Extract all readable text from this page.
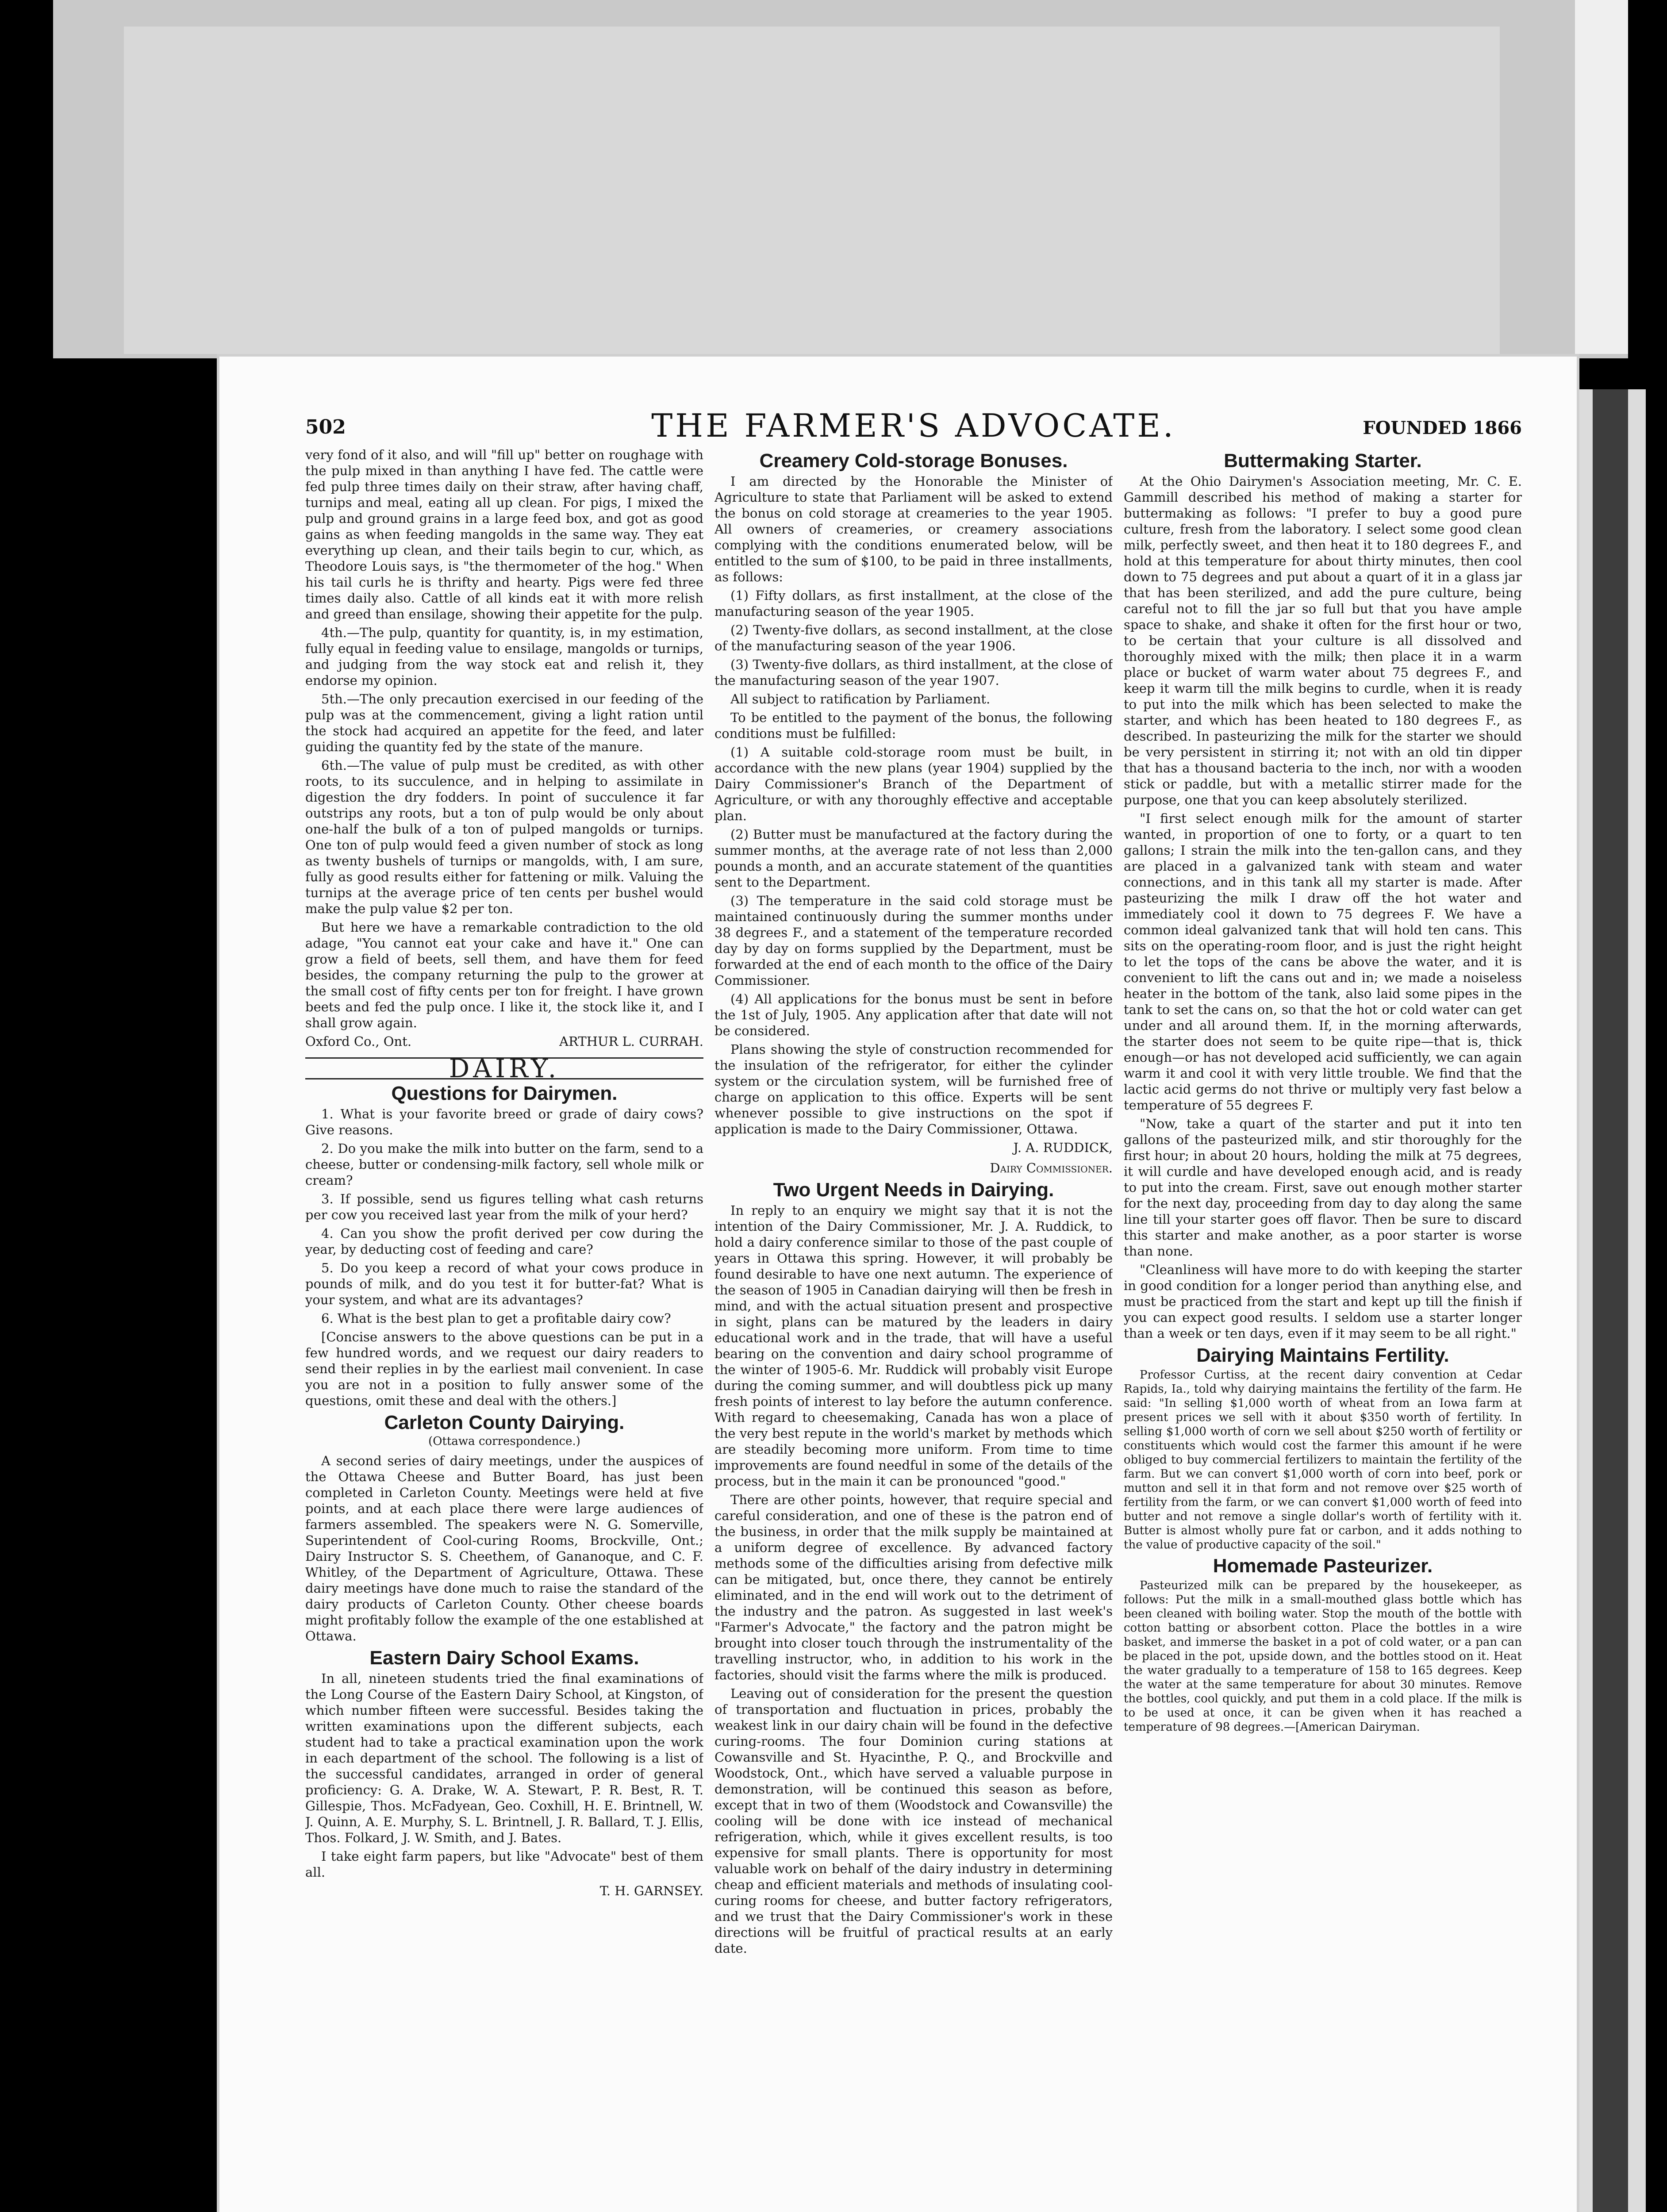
502	THE FARMER'S ADVOCATE.	FOUNDED 1866

very fond of it also, and will "fill up" better on roughage with the pulp mixed in than anything I have fed. The cattle were fed pulp three times daily on their straw, after having chaff, turnips and meal, eating all up clean. For pigs, I mixed the pulp and ground grains in a large feed box, and got as good gains as when feeding mangolds in the same way. They eat everything up clean, and their tails begin to cur, which, as Theodore Louis says, is "the thermometer of the hog." When his tail curls he is thrifty and hearty. Pigs were fed three times daily also. Cattle of all kinds eat it with more relish and greed than ensilage, showing their appetite for the pulp.

4th.—The pulp, quantity for quantity, is, in my estimation, fully equal in feeding value to ensilage, mangolds or turnips, and judging from the way stock eat and relish it, they endorse my opinion.

5th.—The only precaution exercised in our feeding of the pulp was at the commencement, giving a light ration until the stock had acquired an appetite for the feed, and later guiding the quantity fed by the state of the manure.

6th.—The value of pulp must be credited, as with other roots, to its succulence, and in helping to assimilate in digestion the dry fodders. In point of succulence it far outstrips any roots, but a ton of pulp would be only about one-half the bulk of a ton of pulped mangolds or turnips. One ton of pulp would feed a given number of stock as long as twenty bushels of turnips or mangolds, with, I am sure, fully as good results either for fattening or milk. Valuing the turnips at the average price of ten cents per bushel would make the pulp value $2 per ton.

But here we have a remarkable contradiction to the old adage, "You cannot eat your cake and have it." One can grow a field of beets, sell them, and have them for feed besides, the company returning the pulp to the grower at the small cost of fifty cents per ton for freight. I have grown beets and fed the pulp once. I like it, the stock like it, and I shall grow again.

Oxford Co., Ont.	ARTHUR L. CURRAH.
DAIRY.
Questions for Dairymen.

1. What is your favorite breed or grade of dairy cows? Give reasons.

2. Do you make the milk into butter on the farm, send to a cheese, butter or condensing-milk factory, sell whole milk or cream?

3. If possible, send us figures telling what cash returns per cow you received last year from the milk of your herd?

4. Can you show the profit derived per cow during the year, by deducting cost of feeding and care?

5. Do you keep a record of what your cows produce in pounds of milk, and do you test it for butter-fat? What is your system, and what are its advantages?

6. What is the best plan to get a profitable dairy cow?

[Concise answers to the above questions can be put in a few hundred words, and we request our dairy readers to send their replies in by the earliest mail convenient. In case you are not in a position to fully answer some of the questions, omit these and deal with the others.]

Carleton County Dairying.
(Ottawa correspondence.)

A second series of dairy meetings, under the auspices of the Ottawa Cheese and Butter Board, has just been completed in Carleton County. Meetings were held at five points, and at each place there were large audiences of farmers assembled. The speakers were N. G. Somerville, Superintendent of Cool-curing Rooms, Brockville, Ont.; Dairy Instructor S. S. Cheethem, of Gananoque, and C. F. Whitley, of the Department of Agriculture, Ottawa. These dairy meetings have done much to raise the standard of the dairy products of Carleton County. Other cheese boards might profitably follow the example of the one established at Ottawa.

Eastern Dairy School Exams.

In all, nineteen students tried the final examinations of the Long Course of the Eastern Dairy School, at Kingston, of which number fifteen were successful. Besides taking the written examinations upon the different subjects, each student had to take a practical examination upon the work in each department of the school. The following is a list of the successful candidates, arranged in order of general proficiency: G. A. Drake, W. A. Stewart, P. R. Best, R. T. Gillespie, Thos. McFadyean, Geo. Coxhill, H. E. Brintnell, W. J. Quinn, A. E. Murphy, S. L. Brintnell, J. R. Ballard, T. J. Ellis, Thos. Folkard, J. W. Smith, and J. Bates.

I take eight farm papers, but like "Advocate" best of them all.

T. H. GARNSEY.
Creamery Cold-storage Bonuses.

I am directed by the Honorable the Minister of Agriculture to state that Parliament will be asked to extend the bonus on cold storage at creameries to the year 1905. All owners of creameries, or creamery associations complying with the conditions enumerated below, will be entitled to the sum of $100, to be paid in three installments, as follows:

(1) Fifty dollars, as first installment, at the close of the manufacturing season of the year 1905.

(2) Twenty-five dollars, as second installment, at the close of the manufacturing season of the year 1906.

(3) Twenty-five dollars, as third installment, at the close of the manufacturing season of the year 1907.

All subject to ratification by Parliament.

To be entitled to the payment of the bonus, the following conditions must be fulfilled:

(1) A suitable cold-storage room must be built, in accordance with the new plans (year 1904) supplied by the Dairy Commissioner's Branch of the Department of Agriculture, or with any thoroughly effective and acceptable plan.

(2) Butter must be manufactured at the factory during the summer months, at the average rate of not less than 2,000 pounds a month, and an accurate statement of the quantities sent to the Department.

(3) The temperature in the said cold storage must be maintained continuously during the summer months under 38 degrees F., and a statement of the temperature recorded day by day on forms supplied by the Department, must be forwarded at the end of each month to the office of the Dairy Commissioner.

(4) All applications for the bonus must be sent in before the 1st of July, 1905. Any application after that date will not be considered.

Plans showing the style of construction recommended for the insulation of the refrigerator, for either the cylinder system or the circulation system, will be furnished free of charge on application to this office. Experts will be sent whenever possible to give instructions on the spot if application is made to the Dairy Commissioner, Ottawa.

J. A. RUDDICK,
Dairy Commissioner.
Two Urgent Needs in Dairying.

In reply to an enquiry we might say that it is not the intention of the Dairy Commissioner, Mr. J. A. Ruddick, to hold a dairy conference similar to those of the past couple of years in Ottawa this spring. However, it will probably be found desirable to have one next autumn. The experience of the season of 1905 in Canadian dairying will then be fresh in mind, and with the actual situation present and prospective in sight, plans can be matured by the leaders in dairy educational work and in the trade, that will have a useful bearing on the convention and dairy school programme of the winter of 1905-6. Mr. Ruddick will probably visit Europe during the coming summer, and will doubtless pick up many fresh points of interest to lay before the autumn conference. With regard to cheesemaking, Canada has won a place of the very best repute in the world's market by methods which are steadily becoming more uniform. From time to time improvements are found needful in some of the details of the process, but in the main it can be pronounced "good."

There are other points, however, that require special and careful consideration, and one of these is the patron end of the business, in order that the milk supply be maintained at a uniform degree of excellence. By advanced factory methods some of the difficulties arising from defective milk can be mitigated, but, once there, they cannot be entirely eliminated, and in the end will work out to the detriment of the industry and the patron. As suggested in last week's "Farmer's Advocate," the factory and the patron might be brought into closer touch through the instrumentality of the travelling instructor, who, in addition to his work in the factories, should visit the farms where the milk is produced.

Leaving out of consideration for the present the question of transportation and fluctuation in prices, probably the weakest link in our dairy chain will be found in the defective curing-rooms. The four Dominion curing stations at Cowansville and St. Hyacinthe, P. Q., and Brockville and Woodstock, Ont., which have served a valuable purpose in demonstration, will be continued this season as before, except that in two of them (Woodstock and Cowansville) the cooling will be done with ice instead of mechanical refrigeration, which, while it gives excellent results, is too expensive for small plants. There is opportunity for most valuable work on behalf of the dairy industry in determining cheap and efficient materials and methods of insulating cool-curing rooms for cheese, and butter factory refrigerators, and we trust that the Dairy Commissioner's work in these directions will be fruitful of practical results at an early date.

Buttermaking Starter.

At the Ohio Dairymen's Association meeting, Mr. C. E. Gammill described his method of making a starter for buttermaking as follows: "I prefer to buy a good pure culture, fresh from the laboratory. I select some good clean milk, perfectly sweet, and then heat it to 180 degrees F., and hold at this temperature for about thirty minutes, then cool down to 75 degrees and put about a quart of it in a glass jar that has been sterilized, and add the pure culture, being careful not to fill the jar so full but that you have ample space to shake, and shake it often for the first hour or two, to be certain that your culture is all dissolved and thoroughly mixed with the milk; then place it in a warm place or bucket of warm water about 75 degrees F., and keep it warm till the milk begins to curdle, when it is ready to put into the milk which has been selected to make the starter, and which has been heated to 180 degrees F., as described. In pasteurizing the milk for the starter we should be very persistent in stirring it; not with an old tin dipper that has a thousand bacteria to the inch, nor with a wooden stick or paddle, but with a metallic stirrer made for the purpose, one that you can keep absolutely sterilized.

"I first select enough milk for the amount of starter wanted, in proportion of one to forty, or a quart to ten gallons; I strain the milk into the ten-gallon cans, and they are placed in a galvanized tank with steam and water connections, and in this tank all my starter is made. After pasteurizing the milk I draw off the hot water and immediately cool it down to 75 degrees F. We have a common ideal galvanized tank that will hold ten cans. This sits on the operating-room floor, and is just the right height to let the tops of the cans be above the water, and it is convenient to lift the cans out and in; we made a noiseless heater in the bottom of the tank, also laid some pipes in the tank to set the cans on, so that the hot or cold water can get under and all around them. If, in the morning afterwards, the starter does not seem to be quite ripe—that is, thick enough—or has not developed acid sufficiently, we can again warm it and cool it with very little trouble. We find that the lactic acid germs do not thrive or multiply very fast below a temperature of 55 degrees F.

"Now, take a quart of the starter and put it into ten gallons of the pasteurized milk, and stir thoroughly for the first hour; in about 20 hours, holding the milk at 75 degrees, it will curdle and have developed enough acid, and is ready to put into the cream. First, save out enough mother starter for the next day, proceeding from day to day along the same line till your starter goes off flavor. Then be sure to discard this starter and make another, as a poor starter is worse than none.

"Cleanliness will have more to do with keeping the starter in good condition for a longer period than anything else, and must be practiced from the start and kept up till the finish if you can expect good results. I seldom use a starter longer than a week or ten days, even if it may seem to be all right."

Dairying Maintains Fertility.

Professor Curtiss, at the recent dairy convention at Cedar Rapids, Ia., told why dairying maintains the fertility of the farm. He said: "In selling $1,000 worth of wheat from an Iowa farm at present prices we sell with it about $350 worth of fertility. In selling $1,000 worth of corn we sell about $250 worth of fertility or constituents which would cost the farmer this amount if he were obliged to buy commercial fertilizers to maintain the fertility of the farm. But we can convert $1,000 worth of corn into beef, pork or mutton and sell it in that form and not remove over $25 worth of fertility from the farm, or we can convert $1,000 worth of feed into butter and not remove a single dollar's worth of fertility with it. Butter is almost wholly pure fat or carbon, and it adds nothing to the value of productive capacity of the soil."

Homemade Pasteurizer.

Pasteurized milk can be prepared by the housekeeper, as follows: Put the milk in a small-mouthed glass bottle which has been cleaned with boiling water. Stop the mouth of the bottle with cotton batting or absorbent cotton. Place the bottles in a wire basket, and immerse the basket in a pot of cold water, or a pan can be placed in the pot, upside down, and the bottles stood on it. Heat the water gradually to a temperature of 158 to 165 degrees. Keep the water at the same temperature for about 30 minutes. Remove the bottles, cool quickly, and put them in a cold place. If the milk is to be used at once, it can be given when it has reached a temperature of 98 degrees.—[American Dairyman.
